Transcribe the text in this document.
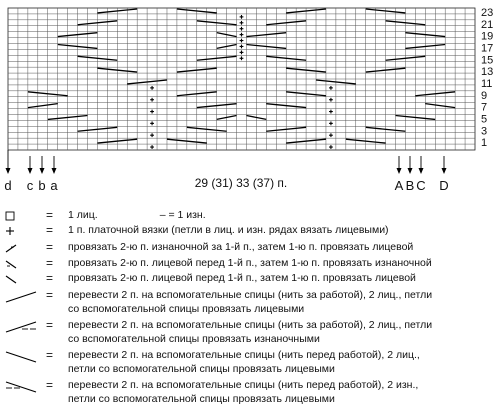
23
21
19
17
15
13
11
9
7
5
3
1
d c b a	A B C D
29 (31) 33 (37) п.
= 1 лиц.	– = 1 изн.
= 1 п. платочной вязки (петли в лиц. и изн. рядах вязать лицевыми)
= провязать 2-ю п. изнаночной за 1-й п., затем 1-ю п. провязать лицевой
= провязать 2-ю п. лицевой перед 1-й п., затем 1-ю п. провязать изнаночной
= провязать 2-ю п. лицевой перед 1-й п., затем 1-ю п. провязать лицевой
= перевести 2 п. на вспомогательные спицы (нить за работой), 2 лиц., петли
со вспомогательной спицы провязать лицевыми
= перевести 2 п. на вспомогательные спицы (нить за работой), 2 лиц., петли
со вспомогательной спицы провязать изнаночными
= перевести 2 п. на вспомогательные спицы (нить перед работой), 2 лиц.,
петли со вспомогательной спицы провязать лицевыми
= перевести 2 п. на вспомогательные спицы (нить перед работой), 2 изн.,
петли со вспомогательной спицы провязать лицевыми
